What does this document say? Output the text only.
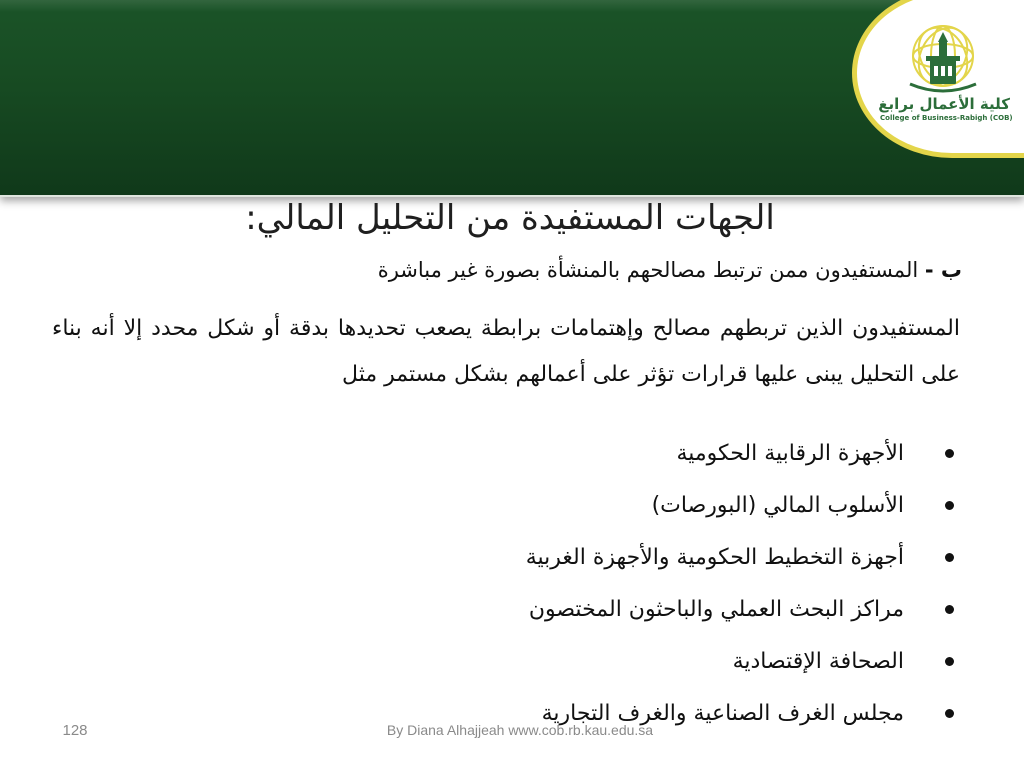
كلية الأعمال برابغ
College of Business-Rabigh (COB)
الجهات المستفيدة من التحليل المالي:
ب - المستفيدون ممن ترتبط مصالحهم بالمنشأة بصورة غير مباشرة
المستفيدون الذين تربطهم مصالح وإهتمامات برابطة يصعب تحديدها بدقة أو شكل محدد إلا أنه بناء على التحليل يبنى عليها قرارات تؤثر على أعمالهم بشكل مستمر مثل
الأجهزة الرقابية الحكومية
الأسلوب المالي (البورصات)
أجهزة التخطيط الحكومية والأجهزة الغربية
مراكز البحث العملي والباحثون المختصون
الصحافة الإقتصادية
مجلس الغرف الصناعية والغرف التجارية
By Diana Alhajjeah www.cob.rb.kau.edu.sa
128
